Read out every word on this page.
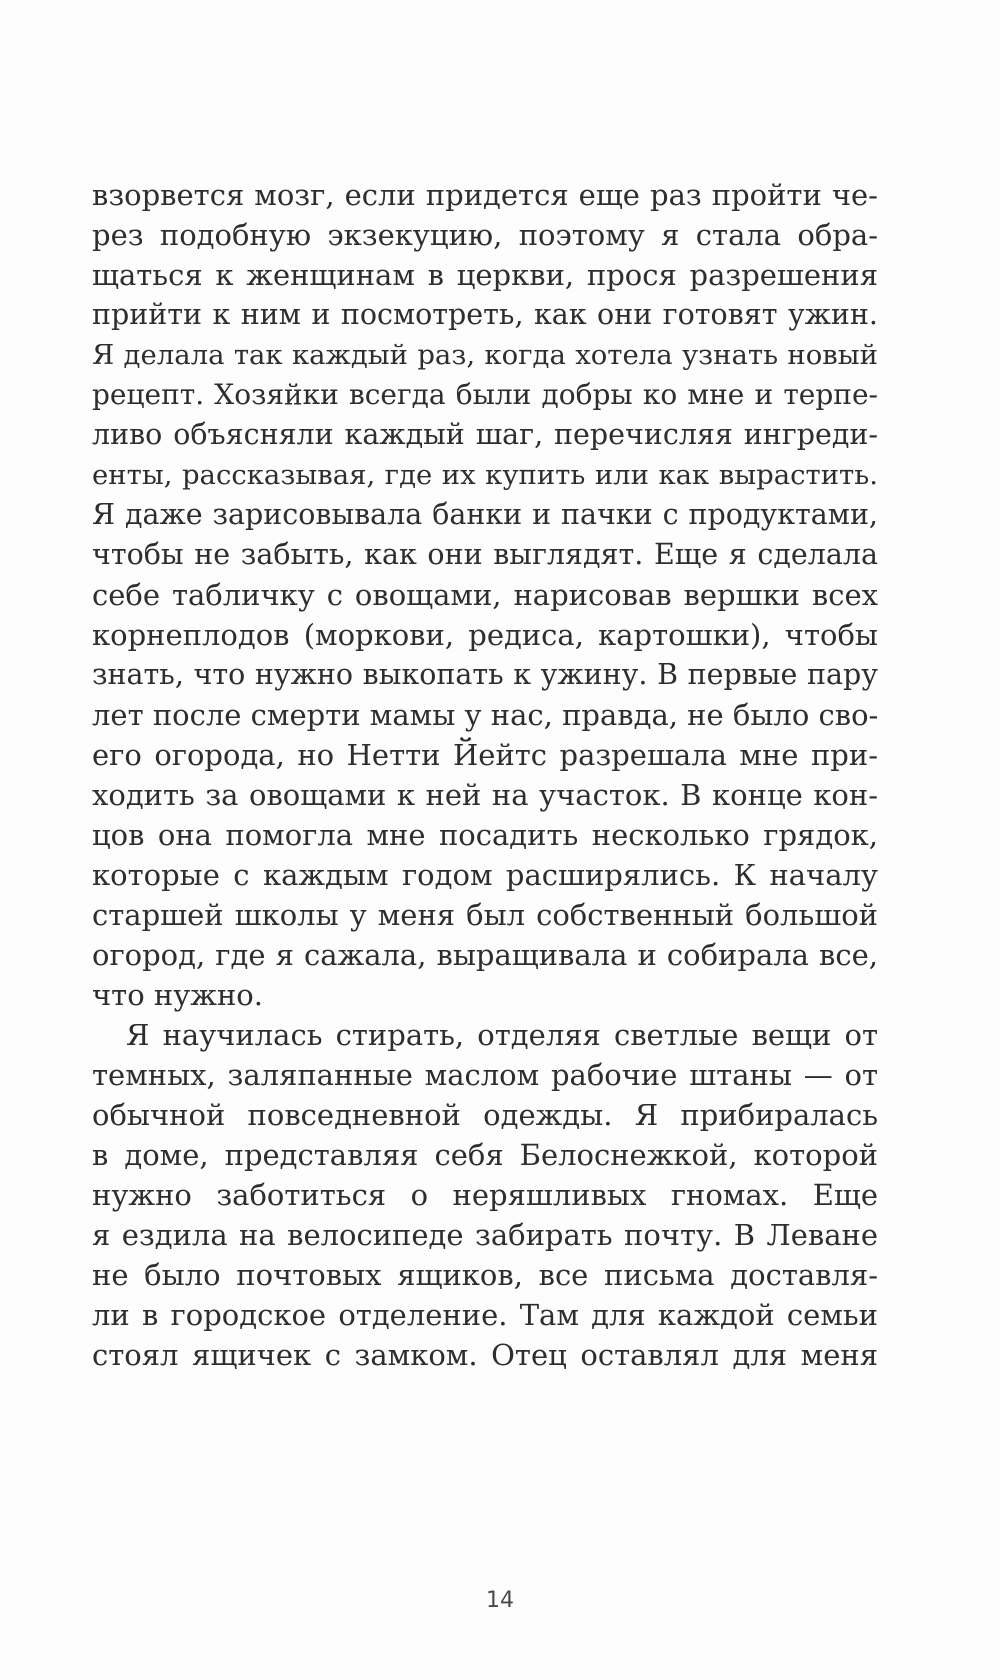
взорвется мозг, если придется еще раз пройти че-
рез подобную экзекуцию, поэтому я стала обра-
щаться к женщинам в церкви, прося разрешения
прийти к ним и посмотреть, как они готовят ужин.
Я делала так каждый раз, когда хотела узнать новый
рецепт. Хозяйки всегда были добры ко мне и терпе-
ливо объясняли каждый шаг, перечисляя ингреди-
енты, рассказывая, где их купить или как вырастить.
Я даже зарисовывала банки и пачки с продуктами,
чтобы не забыть, как они выглядят. Еще я сделала
себе табличку с овощами, нарисовав вершки всех
корнеплодов (моркови, редиса, картошки), чтобы
знать, что нужно выкопать к ужину. В первые пару
лет после смерти мамы у нас, правда, не было сво-
его огорода, но Нетти Йейтс разрешала мне при-
ходить за овощами к ней на участок. В конце кон-
цов она помогла мне посадить несколько грядок,
которые с каждым годом расширялись. К началу
старшей школы у меня был собственный большой
огород, где я сажала, выращивала и собирала все,
что нужно.
Я научилась стирать, отделяя светлые вещи от
темных, заляпанные маслом рабочие штаны — от
обычной повседневной одежды. Я прибиралась
в доме, представляя себя Белоснежкой, которой
нужно заботиться о неряшливых гномах. Еще
я ездила на велосипеде забирать почту. В Леване
не было почтовых ящиков, все письма доставля-
ли в городское отделение. Там для каждой семьи
стоял ящичек с замком. Отец оставлял для меня
14
